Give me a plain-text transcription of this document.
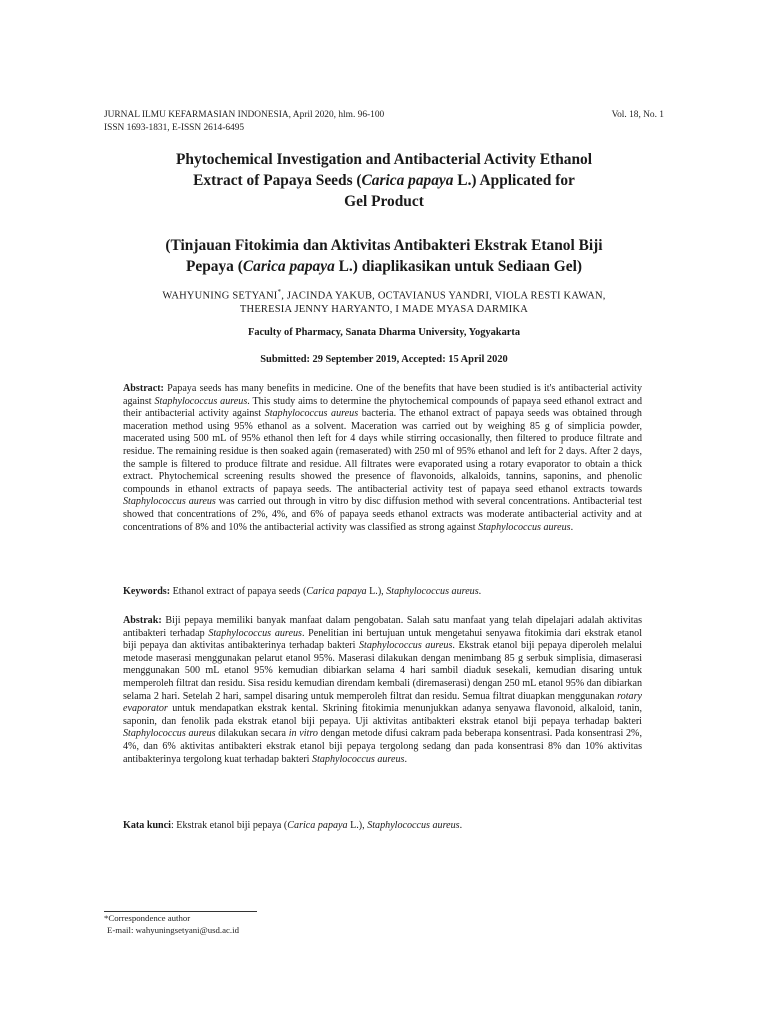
JURNAL ILMU KEFARMASIAN INDONESIA, April 2020, hlm. 96-100	Vol. 18, No. 1
ISSN 1693-1831, E-ISSN 2614-6495
Phytochemical Investigation and Antibacterial Activity Ethanol
Extract of Papaya Seeds (Carica papaya L.) Applicated for
Gel Product
(Tinjauan Fitokimia dan Aktivitas Antibakteri Ekstrak Etanol Biji
Pepaya (Carica papaya L.) diaplikasikan untuk Sediaan Gel)
WAHYUNING SETYANI*, JACINDA YAKUB, OCTAVIANUS YANDRI, VIOLA RESTI KAWAN,
THERESIA JENNY HARYANTO, I MADE MYASA DARMIKA
Faculty of Pharmacy, Sanata Dharma University, Yogyakarta
Submitted: 29 September 2019, Accepted: 15 April 2020
Abstract: Papaya seeds has many benefits in medicine. One of the benefits that have been studied is it's antibacterial activity against Staphylococcus aureus. This study aims to determine the phytochemical compounds of papaya seed ethanol extract and their antibacterial activity against Staphylococcus aureus bacteria. The ethanol extract of papaya seeds was obtained through maceration method using 95% ethanol as a solvent. Maceration was carried out by weighing 85 g of simplicia powder, macerated using 500 mL of 95% ethanol then left for 4 days while stirring occasionally, then filtered to produce filtrate and residue. The remaining residue is then soaked again (remaserated) with 250 ml of 95% ethanol and left for 2 days. After 2 days, the sample is filtered to produce filtrate and residue. All filtrates were evaporated using a rotary evaporator to obtain a thick extract. Phytochemical screening results showed the presence of flavonoids, alkaloids, tannins, saponins, and phenolic compounds in ethanol extracts of papaya seeds. The antibacterial activity test of papaya seed ethanol extracts towards Staphylococcus aureus was carried out through in vitro by disc diffusion method with several concentrations. Antibacterial test showed that concentrations of 2%, 4%, and 6% of papaya seeds ethanol extracts was moderate antibacterial activity and at concentrations of 8% and 10% the antibacterial activity was classified as strong against Staphylococcus aureus.
Keywords: Ethanol extract of papaya seeds (Carica papaya L.), Staphylococcus aureus.
Abstrak: Biji pepaya memiliki banyak manfaat dalam pengobatan. Salah satu manfaat yang telah dipelajari adalah aktivitas antibakteri terhadap Staphylococcus aureus. Penelitian ini bertujuan untuk mengetahui senyawa fitokimia dari ekstrak etanol biji pepaya dan aktivitas antibakterinya terhadap bakteri Staphylococcus aureus. Ekstrak etanol biji pepaya diperoleh melalui metode maserasi menggunakan pelarut etanol 95%. Maserasi dilakukan dengan menimbang 85 g serbuk simplisia, dimaserasi menggunakan 500 mL etanol 95% kemudian dibiarkan selama 4 hari sambil diaduk sesekali, kemudian disaring untuk memperoleh filtrat dan residu. Sisa residu kemudian direndam kembali (diremaserasi) dengan 250 mL etanol 95% dan dibiarkan selama 2 hari. Setelah 2 hari, sampel disaring untuk memperoleh filtrat dan residu. Semua filtrat diuapkan menggunakan rotary evaporator untuk mendapatkan ekstrak kental. Skrining fitokimia menunjukkan adanya senyawa flavonoid, alkaloid, tanin, saponin, dan fenolik pada ekstrak etanol biji pepaya. Uji aktivitas antibakteri ekstrak etanol biji pepaya terhadap bakteri Staphylococcus aureus dilakukan secara in vitro dengan metode difusi cakram pada beberapa konsentrasi. Pada konsentrasi 2%, 4%, dan 6% aktivitas antibakteri ekstrak etanol biji pepaya tergolong sedang dan pada konsentrasi 8% dan 10% aktivitas antibakterinya tergolong kuat terhadap bakteri Staphylococcus aureus.
Kata kunci: Ekstrak etanol biji pepaya (Carica papaya L.), Staphylococcus aureus.
*Correspondence author
E-mail: wahyuningsetyani@usd.ac.id
